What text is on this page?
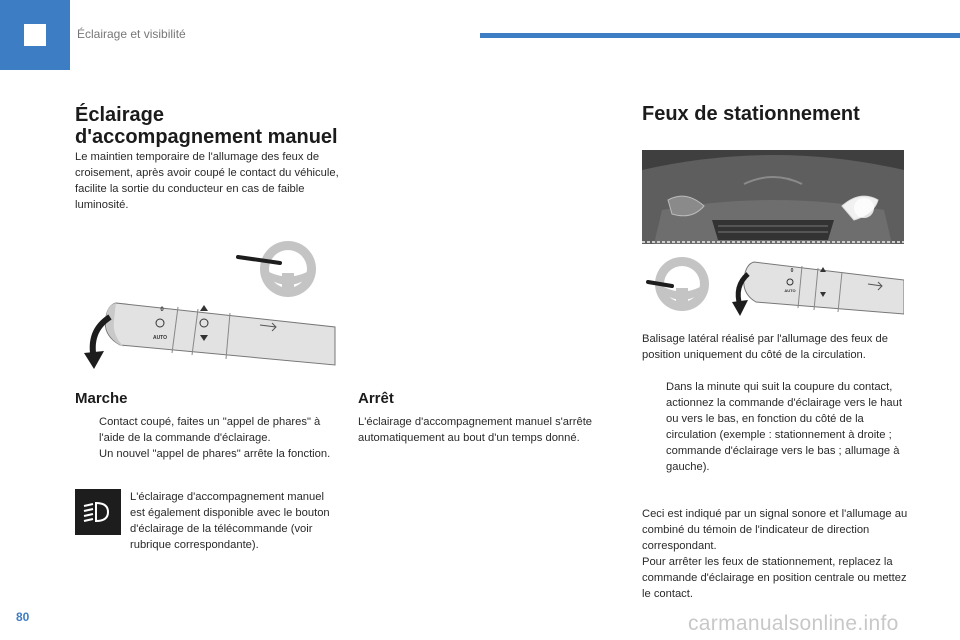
Éclairage et visibilité
Éclairage
d'accompagnement manuel

Le maintien temporaire de l'allumage des feux de croisement, après avoir coupé le contact du véhicule, facilite la sortie du conducteur en cas de faible luminosité.

0
AUTO
Marche
Contact coupé, faites un "appel de phares" à l'aide de la commande d'éclairage.
Un nouvel "appel de phares" arrête la fonction.

L'éclairage d'accompagnement manuel est également disponible avec le bouton d'éclairage de la télécommande (voir rubrique correspondante).

Arrêt

L'éclairage d'accompagnement manuel s'arrête automatiquement au bout d'un temps donné.

Feux de stationnement
0
AUTO

Balisage latéral réalisé par l'allumage des feux de position uniquement du côté de la circulation.

Dans la minute qui suit la coupure du contact, actionnez la commande d'éclairage vers le haut ou vers le bas, en fonction du côté de la circulation (exemple : stationnement à droite ; commande d'éclairage vers le bas ; allumage à gauche).

Ceci est indiqué par un signal sonore et l'allumage au combiné du témoin de l'indicateur de direction correspondant.
Pour arrêter les feux de stationnement, replacez la commande d'éclairage en position centrale ou mettez le contact.

80	carmanualsonline.info
